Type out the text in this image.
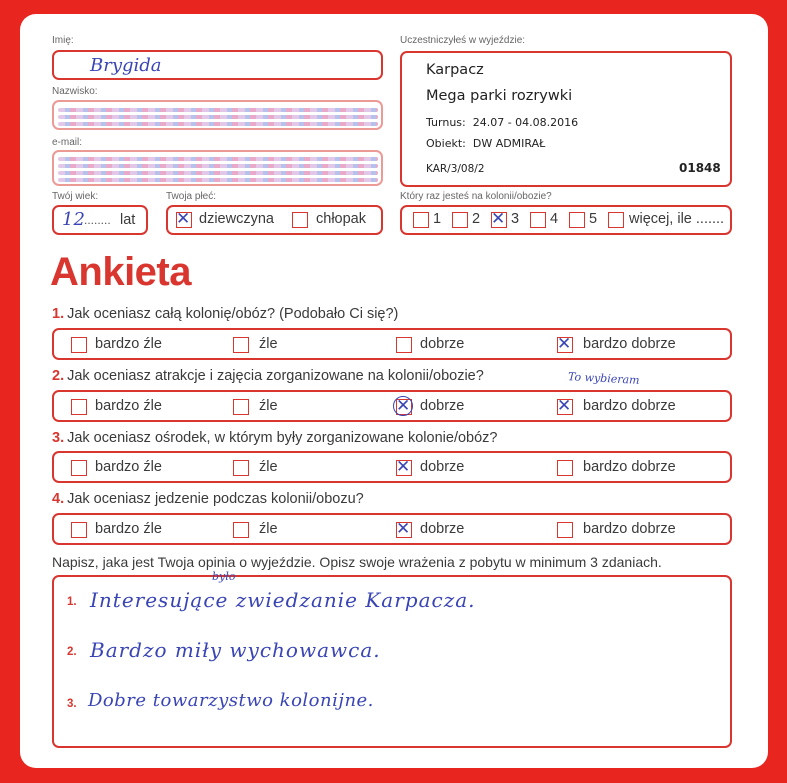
Imię:
Brygida
Nazwisko:
e-mail:
Twój wiek:
12 ........ lat
Twoja płeć:
✕ dziewczyna	chłopak
Uczestniczyłeś w wyjeździe:
Karpacz
Mega parki rozrywki
Turnus:  24.07 - 04.08.2016
Obiekt:  DW ADMIRAŁ
KAR/3/08/2	01848
Który raz jesteś na kolonii/obozie?
1 2 ✕ 3 4 5 więcej, ile .......
Ankieta
1. Jak oceniasz całą kolonię/obóz? (Podobało Ci się?)
bardzo źle	źle	dobrze	✕ bardzo dobrze
2. Jak oceniasz atrakcje i zajęcia zorganizowane na kolonii/obozie?	To wybieram
bardzo źle	źle	✕ dobrze	✕ bardzo dobrze
3. Jak oceniasz ośrodek, w którym były zorganizowane kolonie/obóz?
bardzo źle	źle	✕ dobrze	bardzo dobrze
4. Jak oceniasz jedzenie podczas kolonii/obozu?
bardzo źle	źle	✕ dobrze	bardzo dobrze
Napisz, jaka jest Twoja opinia o wyjeździe. Opisz swoje wrażenia z pobytu w minimum 3 zdaniach.
1.
było
Interesujące zwiedzanie Karpacza.
2. Bardzo miły wychowawca.
3. Dobre towarzystwo kolonijne.
